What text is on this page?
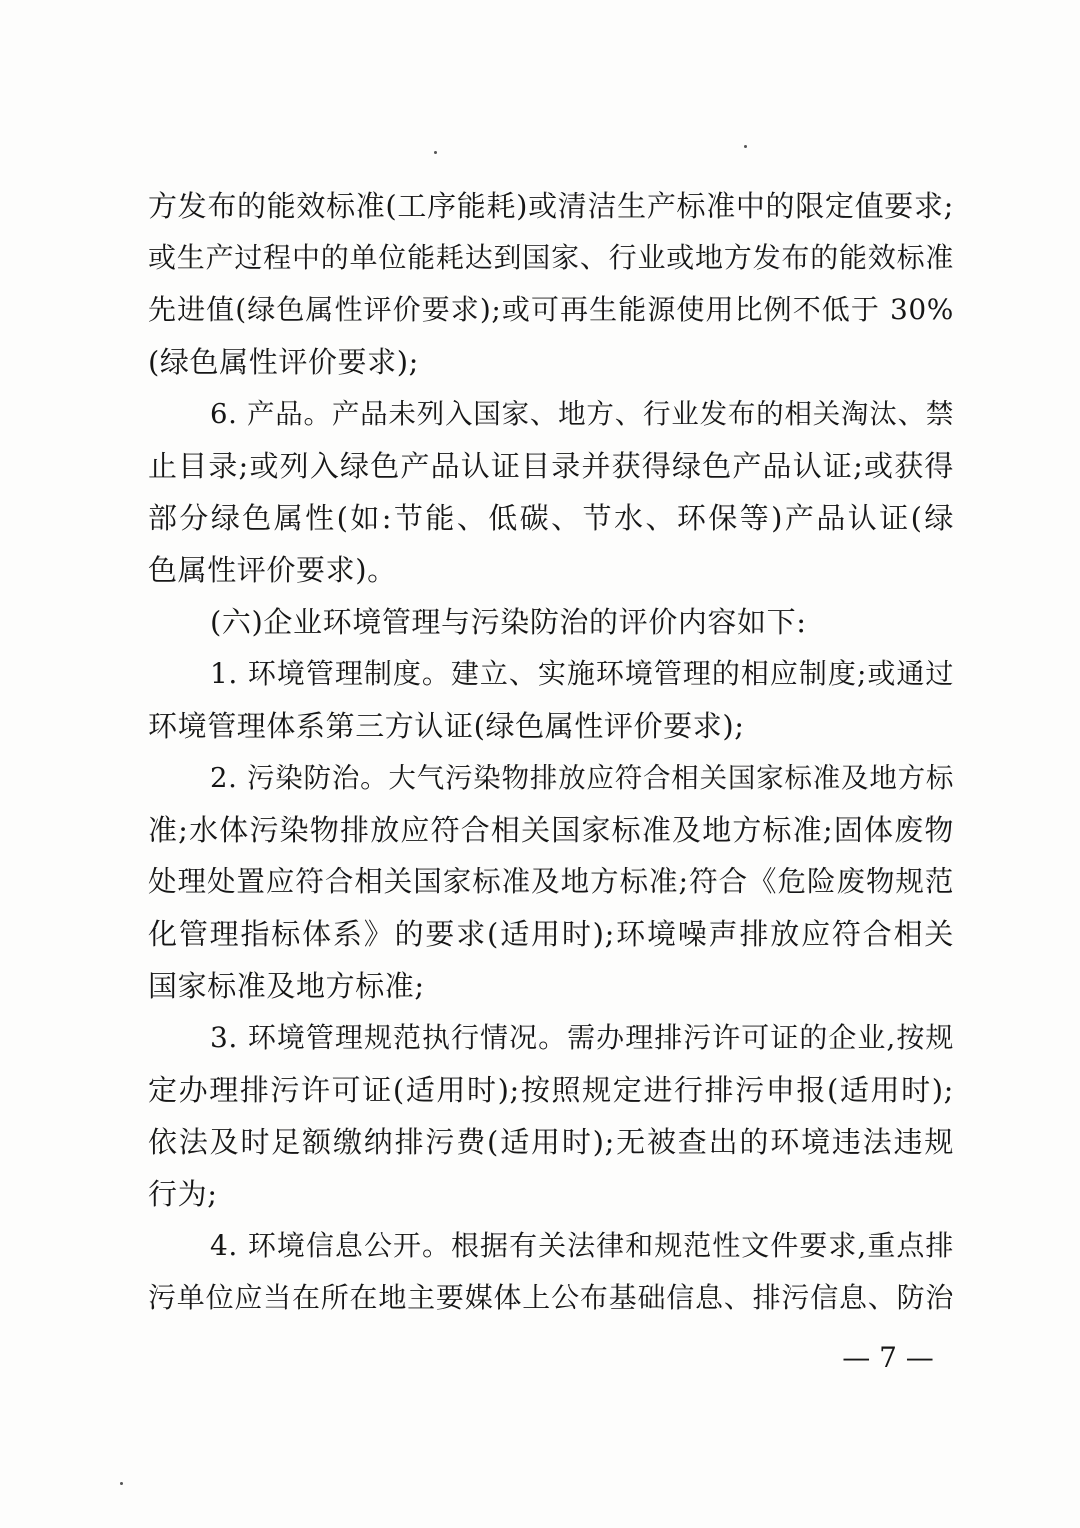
方发布的能效标准(工序能耗)或清洁生产标准中的限定值要求;
或生产过程中的单位能耗达到国家、行业或地方发布的能效标准
先进值(绿色属性评价要求);或可再生能源使用比例不低于 30%
(绿色属性评价要求);
6. 产品。产品未列入国家、地方、行业发布的相关淘汰、禁
止目录;或列入绿色产品认证目录并获得绿色产品认证;或获得
部分绿色属性(如:节能、低碳、节水、环保等)产品认证(绿
色属性评价要求)。
(六)企业环境管理与污染防治的评价内容如下:
1. 环境管理制度。建立、实施环境管理的相应制度;或通过
环境管理体系第三方认证(绿色属性评价要求);
2. 污染防治。大气污染物排放应符合相关国家标准及地方标
准;水体污染物排放应符合相关国家标准及地方标准;固体废物
处理处置应符合相关国家标准及地方标准;符合《危险废物规范
化管理指标体系》的要求(适用时);环境噪声排放应符合相关
国家标准及地方标准;
3. 环境管理规范执行情况。需办理排污许可证的企业,按规
定办理排污许可证(适用时);按照规定进行排污申报(适用时);
依法及时足额缴纳排污费(适用时);无被查出的环境违法违规
行为;
4. 环境信息公开。根据有关法律和规范性文件要求,重点排
污单位应当在所在地主要媒体上公布基础信息、排污信息、防治
— 7 —
